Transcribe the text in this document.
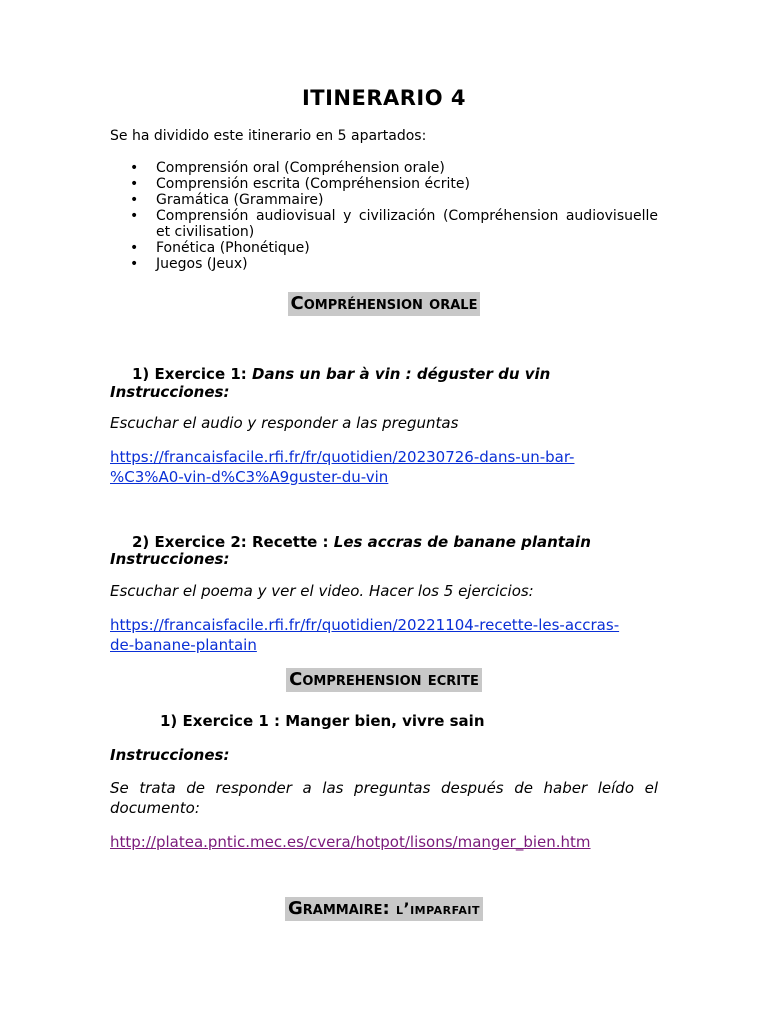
ITINERARIO 4
Se ha dividido este itinerario en 5 apartados:
• Comprensión oral (Compréhension orale)
• Comprensión escrita (Compréhension écrite)
• Gramática (Grammaire)
• Comprensión audiovisual y civilización (Compréhension audiovisuelle et civilisation)
• Fonética (Phonétique)
• Juegos (Jeux)
Compréhension orale
1) Exercice 1: Dans un bar à vin : déguster du vin
Instrucciones:
Escuchar el audio y responder a las preguntas
https://francaisfacile.rfi.fr/fr/quotidien/20230726-dans-un-bar-
%C3%A0-vin-d%C3%A9guster-du-vin
2) Exercice 2: Recette : Les accras de banane plantain
Instrucciones:
Escuchar el poema y ver el video. Hacer los 5 ejercicios:
https://francaisfacile.rfi.fr/fr/quotidien/20221104-recette-les-accras-
de-banane-plantain
Comprehension ecrite
1) Exercice 1 : Manger bien, vivre sain
Instrucciones:
Se trata de responder a las preguntas después de haber leído el documento:
http://platea.pntic.mec.es/cvera/hotpot/lisons/manger_bien.htm
Grammaire: l’imparfait
